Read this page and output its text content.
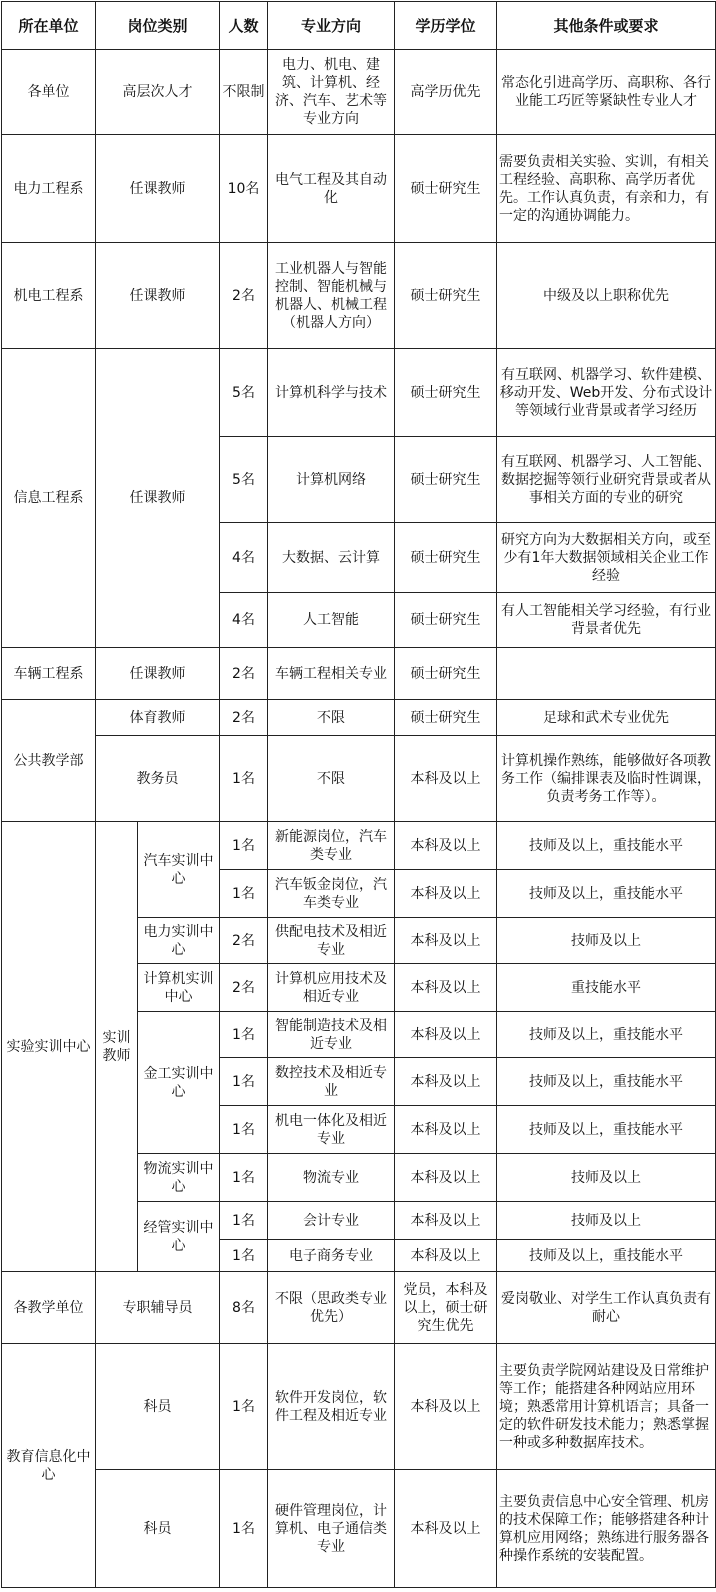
所在单位	岗位类别		人数	专业方向	学历学位	其他条件或要求
各单位	高层次人才		不限制	电力、机电、建筑、计算机、经济、汽车、艺术等专业方向	高学历优先	常态化引进高学历、高职称、各行业能工巧匠等紧缺性专业人才
电力工程系	任课教师		10名	电气工程及其自动化	硕士研究生	需要负责相关实验、实训，有相关工程经验、高职称、高学历者优先。工作认真负责，有亲和力，有一定的沟通协调能力。
机电工程系	任课教师		2名	工业机器人与智能控制、智能机械与机器人、机械工程（机器人方向）	硕士研究生	中级及以上职称优先
信息工程系	任课教师		5名	计算机科学与技术	硕士研究生	有互联网、机器学习、软件建模、移动开发、Web开发、分布式设计等领域行业背景或者学习经历
			5名	计算机网络	硕士研究生	有互联网、机器学习、人工智能、数据挖掘等领行业研究背景或者从事相关方面的专业的研究
			4名	大数据、云计算	硕士研究生	研究方向为大数据相关方向，或至少有1年大数据领域相关企业工作经验
			4名	人工智能	硕士研究生	有人工智能相关学习经验，有行业背景者优先
车辆工程系	任课教师		2名	车辆工程相关专业	硕士研究生	
公共教学部	体育教师		2名	不限	硕士研究生	足球和武术专业优先
	教务员		1名	不限	本科及以上	计算机操作熟练，能够做好各项教务工作（编排课表及临时性调课，负责考务工作等）。
实验实训中心	实训教师	汽车实训中心	1名	新能源岗位，汽车类专业	本科及以上	技师及以上，重技能水平
			1名	汽车钣金岗位，汽车类专业	本科及以上	技师及以上，重技能水平
		电力实训中心	2名	供配电技术及相近专业	本科及以上	技师及以上
		计算机实训中心	2名	计算机应用技术及相近专业	本科及以上	重技能水平
		金工实训中心	1名	智能制造技术及相近专业	本科及以上	技师及以上，重技能水平
			1名	数控技术及相近专业	本科及以上	技师及以上，重技能水平
			1名	机电一体化及相近专业	本科及以上	技师及以上，重技能水平
		物流实训中心	1名	物流专业	本科及以上	技师及以上
		经管实训中心	1名	会计专业	本科及以上	技师及以上
			1名	电子商务专业	本科及以上	技师及以上，重技能水平
各教学单位	专职辅导员		8名	不限（思政类专业优先）	党员，本科及以上，硕士研究生优先	爱岗敬业、对学生工作认真负责有耐心
教育信息化中心	科员		1名	软件开发岗位，软件工程及相近专业	本科及以上	主要负责学院网站建设及日常维护等工作；能搭建各种网站应用环境；熟悉常用计算机语言；具备一定的软件研发技术能力；熟悉掌握一种或多种数据库技术。
	科员		1名	硬件管理岗位，计算机、电子通信类专业	本科及以上	主要负责信息中心安全管理、机房的技术保障工作；能够搭建各种计算机应用网络；熟练进行服务器各种操作系统的安装配置。
